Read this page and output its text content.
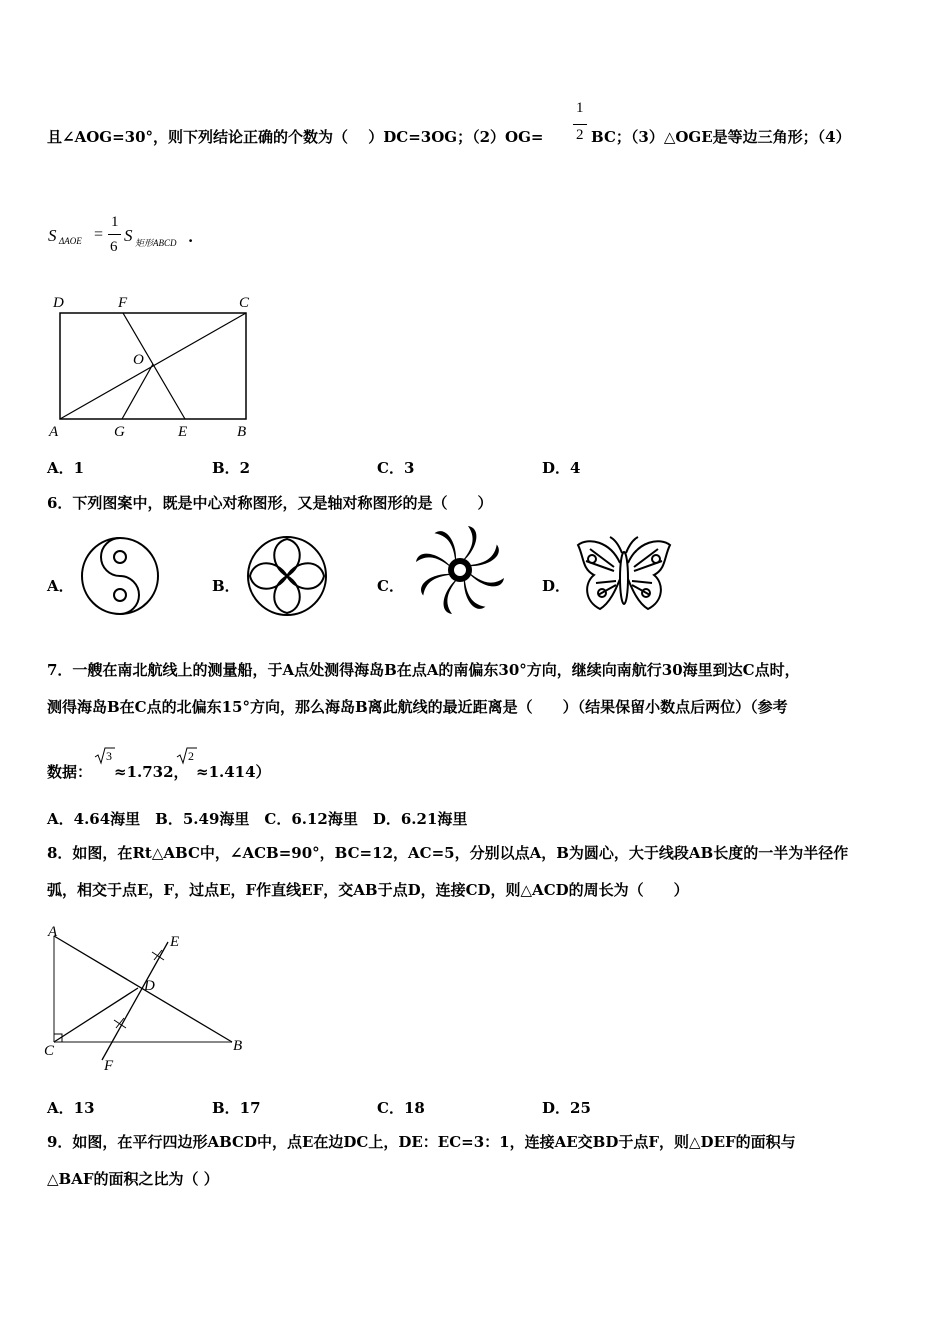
且∠AOG=30°，则下列结论正确的个数为（　 ）DC=3OG；（2）OG=
1
2 BC；（3）△OGE是等边三角形；（4）
S ΔAOE =
1
6
S 矩形ABCD .
D	F	C
O
A	G	E	B
A．1	B．2	C．3	D．4
6．下列图案中，既是中心对称图形，又是轴对称图形的是（　　）
A．	B．	C．	D．
7．一艘在南北航线上的测量船，于A点处测得海岛B在点A的南偏东30°方向，继续向南航行30海里到达C点时，
测得海岛B在C点的北偏东15°方向，那么海岛B离此航线的最近距离是（　　）（结果保留小数点后两位）（参考
数据：
3
≈1.732，
2
≈1.414）
A．4.64海里　B．5.49海里　C．6.12海里　D．6.21海里
8．如图，在Rt△ABC中，∠ACB=90°，BC=12，AC=5，分别以点A，B为圆心，大于线段AB长度的一半为半径作
弧，相交于点E，F，过点E，F作直线EF，交AB于点D，连接CD，则△ACD的周长为（　　）
A
E
D
C
F
B
A．13	B．17	C．18	D．25
9．如图，在平行四边形ABCD中，点E在边DC上，DE：EC=3：1，连接AE交BD于点F，则△DEF的面积与
△BAF的面积之比为（ ）
